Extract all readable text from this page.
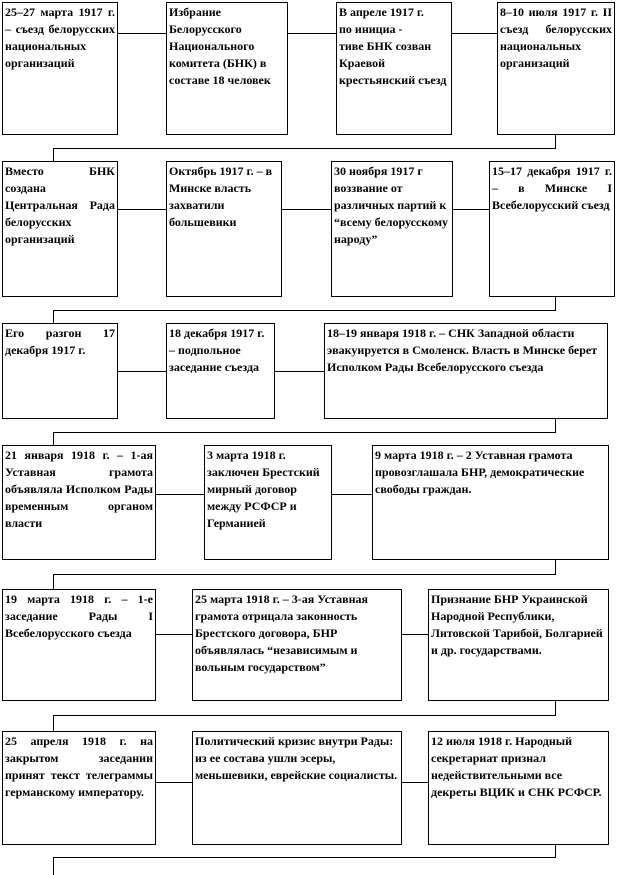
25–27 марта 1917 г. – съезд белорусских национальных организаций
Избрание Белорусского Национального комитета (БНК) в составе 18 человек
В апреле 1917 г.
по инициа -
тиве БНК созван Краевой крестьянский съезд
8–10 июля 1917 г. II съезд белорусских национальных организаций
Вместо БНК создана Центральная Рада белорусских организаций
Октябрь 1917 г. – в Минске власть захватили большевики
30 ноября 1917 г воззвание от различных партий к “всему белорусскому народу”
15–17 декабря 1917 г. – в Минске I Всебелорусский съезд
Его разгон 17 декабря 1917 г.
18 декабря 1917 г. – подпольное заседание съезда
18–19 января 1918 г. – СНК Западной области эвакуируется в Смоленск. Власть в Минске берет Исполком Рады Всебелорусского съезда
21 января 1918 г. – 1-ая Уставная грамота объявляла Исполком Рады временным органом власти
3 марта 1918 г. заключен Брестский мирный договор между РСФСР и Германией
9 марта 1918 г. – 2 Уставная грамота провозглашала БНР, демократические свободы граждан.
19 марта 1918 г. – 1-е заседание Рады I Всебелорусского съезда
25 марта 1918 г. – 3-ая Уставная грамота отрицала законность Брестского договора, БНР объявлялась “независимым и вольным государством”
Признание БНР Украинской Народной Республики, Литовской Тарибой, Болгарией и др. государствами.
25 апреля 1918 г. на закрытом заседании принят текст телеграммы германскому императору.
Политический кризис внутри Рады: из ее состава ушли эсеры, меньшевики, еврейские социалисты.
12 июля 1918 г. Народный секретариат признал недействительными все декреты ВЦИК и СНК РСФСР.
